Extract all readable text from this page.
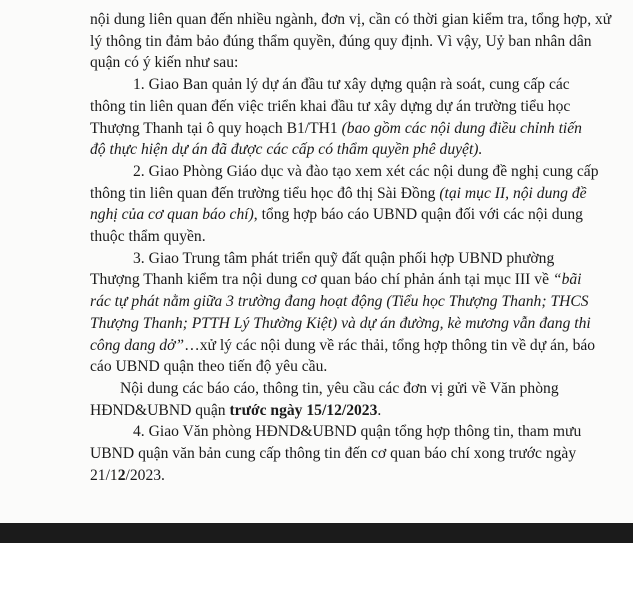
nội dung liên quan đến nhiều ngành, đơn vị, cần có thời gian kiểm tra, tổng hợp, xử
lý thông tin đảm bảo đúng thẩm quyền, đúng quy định. Vì vậy, Uỷ ban nhân dân
quận có ý kiến như sau:
1. Giao Ban quản lý dự án đầu tư xây dựng quận rà soát, cung cấp các
thông tin liên quan đến việc triển khai đầu tư xây dựng dự án trường tiểu học
Thượng Thanh tại ô quy hoạch B1/TH1 (bao gồm các nội dung điều chỉnh tiến
độ thực hiện dự án đã được các cấp có thẩm quyền phê duyệt).
2. Giao Phòng Giáo dục và đào tạo xem xét các nội dung đề nghị cung cấp
thông tin liên quan đến trường tiểu học đô thị Sài Đồng (tại mục II, nội dung đề
nghị của cơ quan báo chí), tổng hợp báo cáo UBND quận đối với các nội dung
thuộc thẩm quyền.
3. Giao Trung tâm phát triển quỹ đất quận phối hợp UBND phường
Thượng Thanh kiểm tra nội dung cơ quan báo chí phản ánh tại mục III về “bãi
rác tự phát nằm giữa 3 trường đang hoạt động (Tiểu học Thượng Thanh; THCS
Thượng Thanh; PTTH Lý Thường Kiệt) và dự án đường, kè mương vẫn đang thi
công dang dở”…xử lý các nội dung về rác thải, tổng hợp thông tin về dự án, báo
cáo UBND quận theo tiến độ yêu cầu.
Nội dung các báo cáo, thông tin, yêu cầu các đơn vị gửi về Văn phòng
HĐND&UBND quận trước ngày 15/12/2023.
4. Giao Văn phòng HĐND&UBND quận tổng hợp thông tin, tham mưu
UBND quận văn bản cung cấp thông tin đến cơ quan báo chí xong trước ngày
21/12/2023.
